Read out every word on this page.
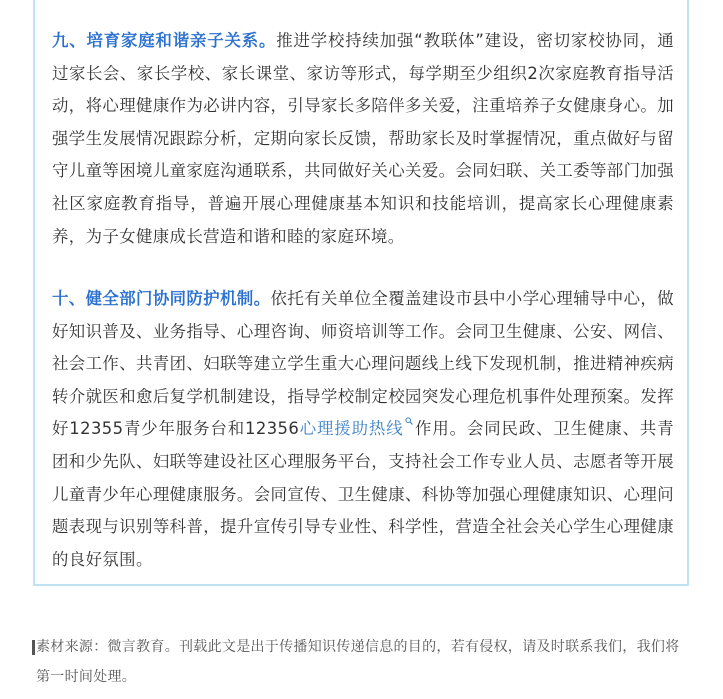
九、培育家庭和谐亲子关系。推进学校持续加强“教联体”建设，密切家校协同，通过家长会、家长学校、家长课堂、家访等形式，每学期至少组织2次家庭教育指导活动，将心理健康作为必讲内容，引导家长多陪伴多关爱，注重培养子女健康身心。加强学生发展情况跟踪分析，定期向家长反馈，帮助家长及时掌握情况，重点做好与留守儿童等困境儿童家庭沟通联系，共同做好关心关爱。会同妇联、关工委等部门加强社区家庭教育指导，普遍开展心理健康基本知识和技能培训，提高家长心理健康素养，为子女健康成长营造和谐和睦的家庭环境。

十、健全部门协同防护机制。依托有关单位全覆盖建设市县中小学心理辅导中心，做好知识普及、业务指导、心理咨询、师资培训等工作。会同卫生健康、公安、网信、社会工作、共青团、妇联等建立学生重大心理问题线上线下发现机制，推进精神疾病转介就医和愈后复学机制建设，指导学校制定校园突发心理危机事件处理预案。发挥好12355青少年服务台和12356心理援助热线 作用。会同民政、卫生健康、共青团和少先队、妇联等建设社区心理服务平台，支持社会工作专业人员、志愿者等开展儿童青少年心理健康服务。会同宣传、卫生健康、科协等加强心理健康知识、心理问题表现与识别等科普，提升宣传引导专业性、科学性，营造全社会关心学生心理健康的良好氛围。

素材来源：微言教育。刊载此文是出于传播知识传递信息的目的，若有侵权，请及时联系我们，我们将第一时间处理。
